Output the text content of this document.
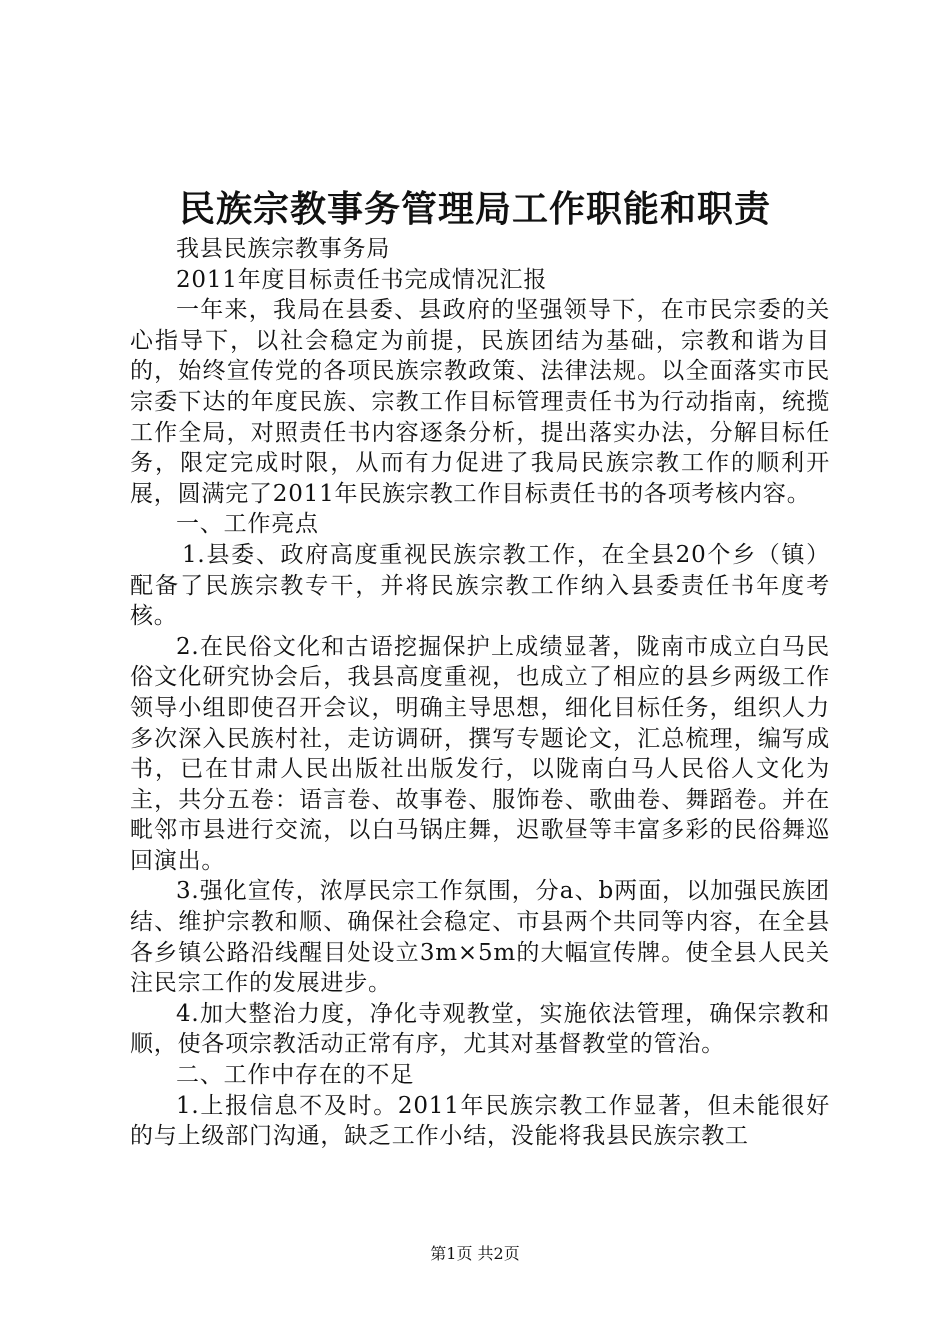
民族宗教事务管理局工作职能和职责

我县民族宗教事务局

2011年度目标责任书完成情况汇报

一年来，我局在县委、县政府的坚强领导下，在市民宗委的关心指导下，以社会稳定为前提，民族团结为基础，宗教和谐为目的，始终宣传党的各项民族宗教政策、法律法规。以全面落实市民宗委下达的年度民族、宗教工作目标管理责任书为行动指南，统揽工作全局，对照责任书内容逐条分析，提出落实办法，分解目标任务，限定完成时限，从而有力促进了我局民族宗教工作的顺利开展，圆满完了2011年民族宗教工作目标责任书的各项考核内容。

一、工作亮点

1.县委、政府高度重视民族宗教工作，在全县20个乡（镇）配备了民族宗教专干，并将民族宗教工作纳入县委责任书年度考核。

2.在民俗文化和古语挖掘保护上成绩显著，陇南市成立白马民俗文化研究协会后，我县高度重视，也成立了相应的县乡两级工作领导小组即使召开会议，明确主导思想，细化目标任务，组织人力多次深入民族村社，走访调研，撰写专题论文，汇总梳理，编写成书，已在甘肃人民出版社出版发行，以陇南白马人民俗人文化为主，共分五卷：语言卷、故事卷、服饰卷、歌曲卷、舞蹈卷。并在毗邻市县进行交流，以白马锅庄舞，迟歌昼等丰富多彩的民俗舞巡回演出。

3.强化宣传，浓厚民宗工作氛围，分a、b两面，以加强民族团结、维护宗教和顺、确保社会稳定、市县两个共同等内容，在全县各乡镇公路沿线醒目处设立3m×5m的大幅宣传牌。使全县人民关注民宗工作的发展进步。

4.加大整治力度，净化寺观教堂，实施依法管理，确保宗教和顺，使各项宗教活动正常有序，尤其对基督教堂的管治。

二、工作中存在的不足

1.上报信息不及时。2011年民族宗教工作显著，但未能很好的与上级部门沟通，缺乏工作小结，没能将我县民族宗教工

第1页 共2页
